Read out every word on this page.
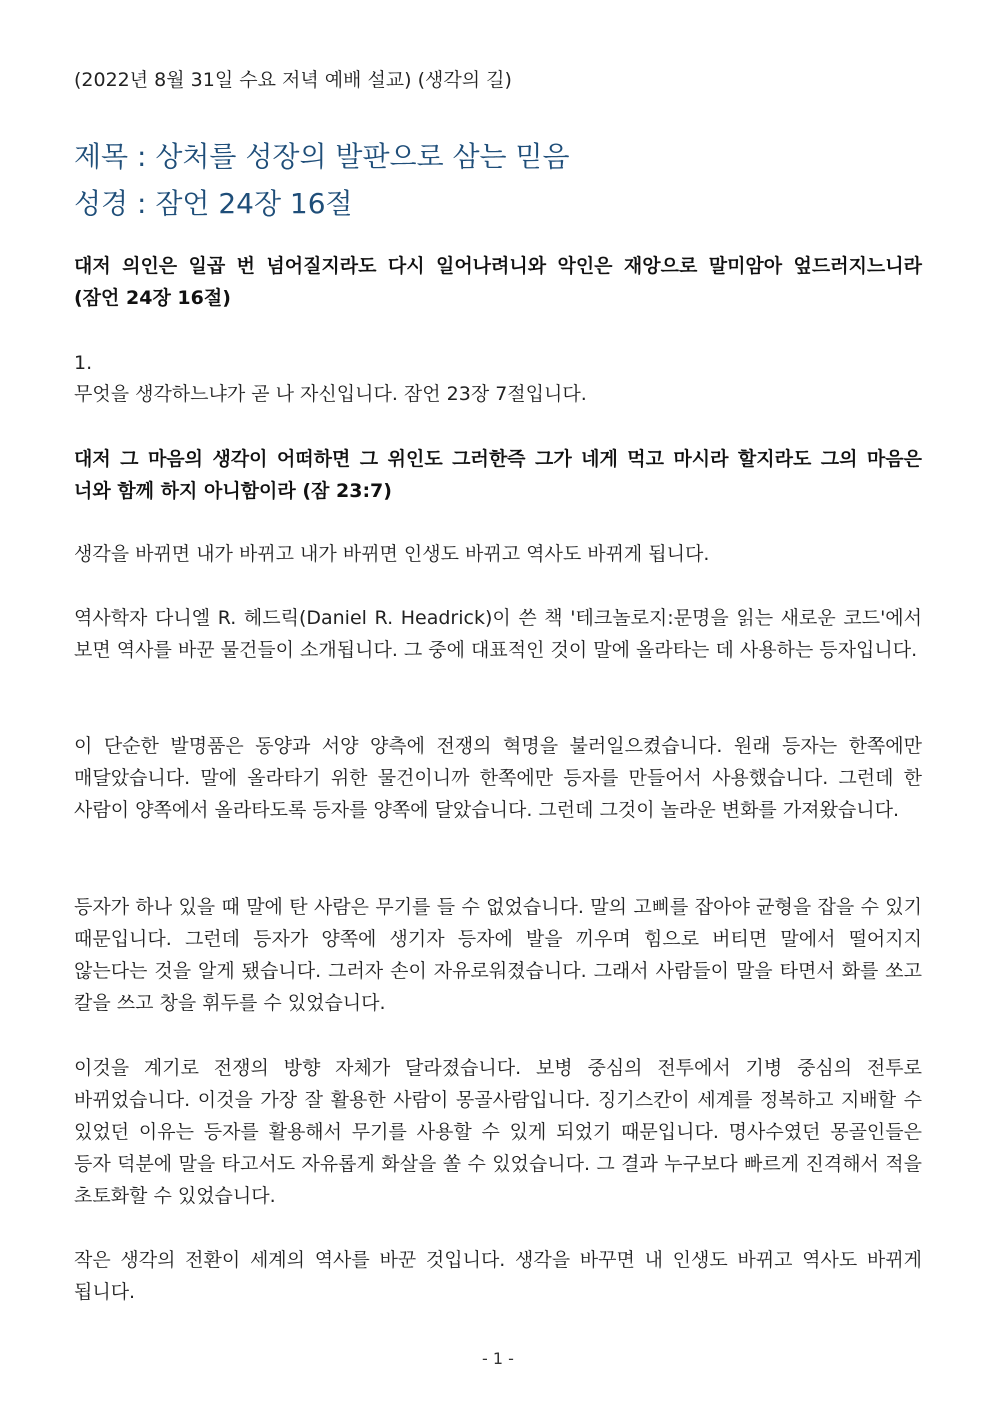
(2022년 8월 31일 수요 저녁 예배 설교) (생각의 길)
제목 : 상처를 성장의 발판으로 삼는 믿음
성경 : 잠언 24장 16절
대저 의인은 일곱 번 넘어질지라도 다시 일어나려니와 악인은 재앙으로 말미암아 엎드러지느니라 (잠언 24장 16절)
1.
무엇을 생각하느냐가 곧 나 자신입니다. 잠언 23장 7절입니다.
대저 그 마음의 생각이 어떠하면 그 위인도 그러한즉 그가 네게 먹고 마시라 할지라도 그의 마음은 너와 함께 하지 아니함이라 (잠 23:7)
생각을 바뀌면 내가 바뀌고 내가 바뀌면 인생도 바뀌고 역사도 바뀌게 됩니다.
역사학자 다니엘 R. 헤드릭(Daniel R. Headrick)이 쓴 책 '테크놀로지:문명을 읽는 새로운 코드'에서 보면 역사를 바꾼 물건들이 소개됩니다. 그 중에 대표적인 것이 말에 올라타는 데 사용하는 등자입니다.
이 단순한 발명품은 동양과 서양 양측에 전쟁의 혁명을 불러일으켰습니다. 원래 등자는 한쪽에만 매달았습니다. 말에 올라타기 위한 물건이니까 한쪽에만 등자를 만들어서 사용했습니다. 그런데 한 사람이 양쪽에서 올라타도록 등자를 양쪽에 달았습니다. 그런데 그것이 놀라운 변화를 가져왔습니다.
등자가 하나 있을 때 말에 탄 사람은 무기를 들 수 없었습니다. 말의 고삐를 잡아야 균형을 잡을 수 있기 때문입니다. 그런데 등자가 양쪽에 생기자 등자에 발을 끼우며 힘으로 버티면 말에서 떨어지지 않는다는 것을 알게 됐습니다. 그러자 손이 자유로워졌습니다. 그래서 사람들이 말을 타면서 화를 쏘고 칼을 쓰고 창을 휘두를 수 있었습니다.
이것을 계기로 전쟁의 방향 자체가 달라졌습니다. 보병 중심의 전투에서 기병 중심의 전투로 바뀌었습니다. 이것을 가장 잘 활용한 사람이 몽골사람입니다. 징기스칸이 세계를 정복하고 지배할 수 있었던 이유는 등자를 활용해서 무기를 사용할 수 있게 되었기 때문입니다. 명사수였던 몽골인들은 등자 덕분에 말을 타고서도 자유롭게 화살을 쏠 수 있었습니다. 그 결과 누구보다 빠르게 진격해서 적을 초토화할 수 있었습니다.
작은 생각의 전환이 세계의 역사를 바꾼 것입니다. 생각을 바꾸면 내 인생도 바뀌고 역사도 바뀌게 됩니다.
- 1 -
